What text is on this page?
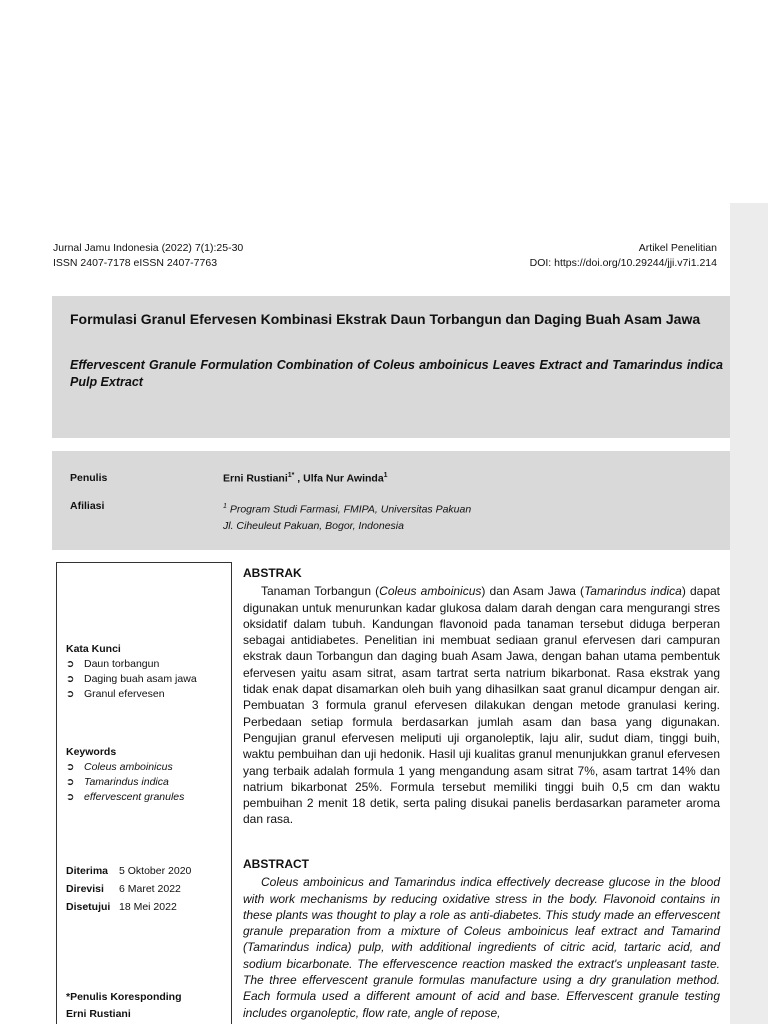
Jurnal Jamu Indonesia (2022) 7(1):25-30	Artikel Penelitian
ISSN 2407-7178 eISSN 2407-7763	DOI: https://doi.org/10.29244/jji.v7i1.214
Formulasi Granul Efervesen Kombinasi Ekstrak Daun Torbangun dan Daging Buah Asam Jawa
Effervescent Granule Formulation Combination of Coleus amboinicus Leaves Extract and Tamarindus indica Pulp Extract
Penulis	Erni Rustiani$^{1*}$ , Ulfa Nur Awinda$^1$
Afiliasi	$^1$ Program Studi Farmasi, FMIPA, Universitas Pakuan
Jl. Ciheuleut Pakuan, Bogor, Indonesia
Kata Kunci
➲ Daun torbangun
➲ Daging buah asam jawa
➲ Granul efervesen
Keywords
➲ Coleus amboinicus
➲ Tamarindus indica
➲ effervescent granules
Diterima	5 Oktober 2020
Direvisi	6 Maret 2022
Disetujui 18 Mei 2022
*Penulis Koresponding
Erni Rustiani
ABSTRAK

Tanaman Torbangun (Coleus amboinicus) dan Asam Jawa (Tamarindus indica) dapat digunakan untuk menurunkan kadar glukosa dalam darah dengan cara mengurangi stres oksidatif dalam tubuh. Kandungan flavonoid pada tanaman tersebut diduga berperan sebagai antidiabetes. Penelitian ini membuat sediaan granul efervesen dari campuran ekstrak daun Torbangun dan daging buah Asam Jawa, dengan bahan utama pembentuk efervesen yaitu asam sitrat, asam tartrat serta natrium bikarbonat. Rasa ekstrak yang tidak enak dapat disamarkan oleh buih yang dihasilkan saat granul dicampur dengan air. Pembuatan 3 formula granul efervesen dilakukan dengan metode granulasi kering. Perbedaan setiap formula berdasarkan jumlah asam dan basa yang digunakan. Pengujian granul efervesen meliputi uji organoleptik, laju alir, sudut diam, tinggi buih, waktu pembuihan dan uji hedonik. Hasil uji kualitas granul menunjukkan granul efervesen yang terbaik adalah formula 1 yang mengandung asam sitrat 7%, asam tartrat 14% dan natrium bikarbonat 25%. Formula tersebut memiliki tinggi buih 0,5 cm dan waktu pembuihan 2 menit 18 detik, serta paling disukai panelis berdasarkan parameter aroma dan rasa.

ABSTRACT

Coleus amboinicus and Tamarindus indica effectively decrease glucose in the blood with work mechanisms by reducing oxidative stress in the body. Flavonoid contains in these plants was thought to play a role as anti-diabetes. This study made an effervescent granule preparation from a mixture of Coleus amboinicus leaf extract and Tamarind (Tamarindus indica) pulp, with additional ingredients of citric acid, tartaric acid, and sodium bicarbonate. The effervescence reaction masked the extract's unpleasant taste. The three effervescent granule formulas manufacture using a dry granulation method. Each formula used a different amount of acid and base. Effervescent granule testing includes organoleptic, flow rate, angle of repose,
